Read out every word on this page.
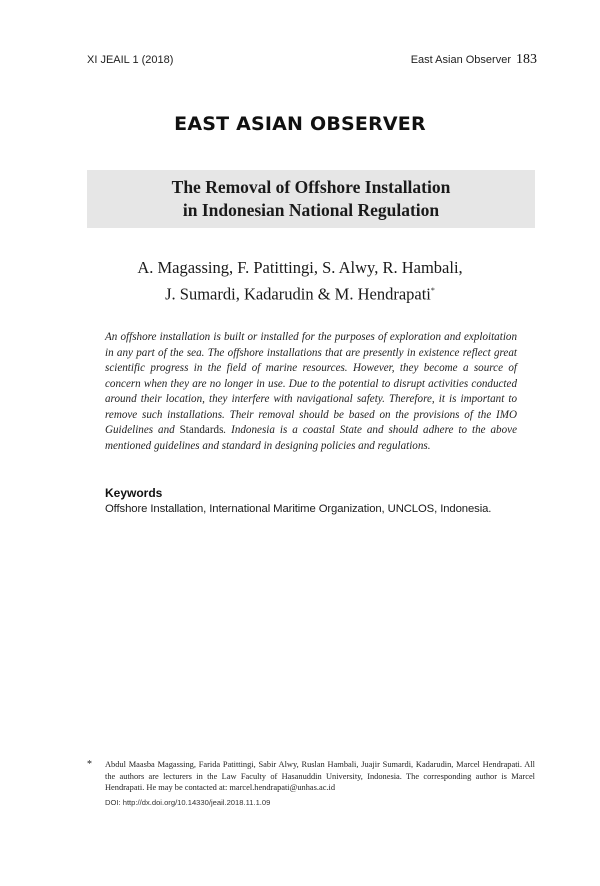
XI JEAIL 1 (2018)	East Asian Observer 183
EAST ASIAN OBSERVER
The Removal of Offshore Installation
in Indonesian National Regulation
A. Magassing, F. Patittingi, S. Alwy, R. Hambali,
J. Sumardi, Kadarudin & M. Hendrapati*
An offshore installation is built or installed for the purposes of exploration and exploitation in any part of the sea. The offshore installations that are presently in existence reflect great scientific progress in the field of marine resources. However, they become a source of concern when they are no longer in use. Due to the potential to disrupt activities conducted around their location, they interfere with navigational safety. Therefore, it is important to remove such installations. Their removal should be based on the provisions of the IMO Guidelines and Standards. Indonesia is a coastal State and should adhere to the above mentioned guidelines and standard in designing policies and regulations.
Keywords
Offshore Installation, International Maritime Organization, UNCLOS, Indonesia.
* Abdul Maasba Magassing, Farida Patittingi, Sabir Alwy, Ruslan Hambali, Juajir Sumardi, Kadarudin, Marcel Hendrapati. All the authors are lecturers in the Law Faculty of Hasanuddin University, Indonesia. The corresponding author is Marcel Hendrapati. He may be contacted at: marcel.hendrapati@unhas.ac.id
DOI: http://dx.doi.org/10.14330/jeail.2018.11.1.09
